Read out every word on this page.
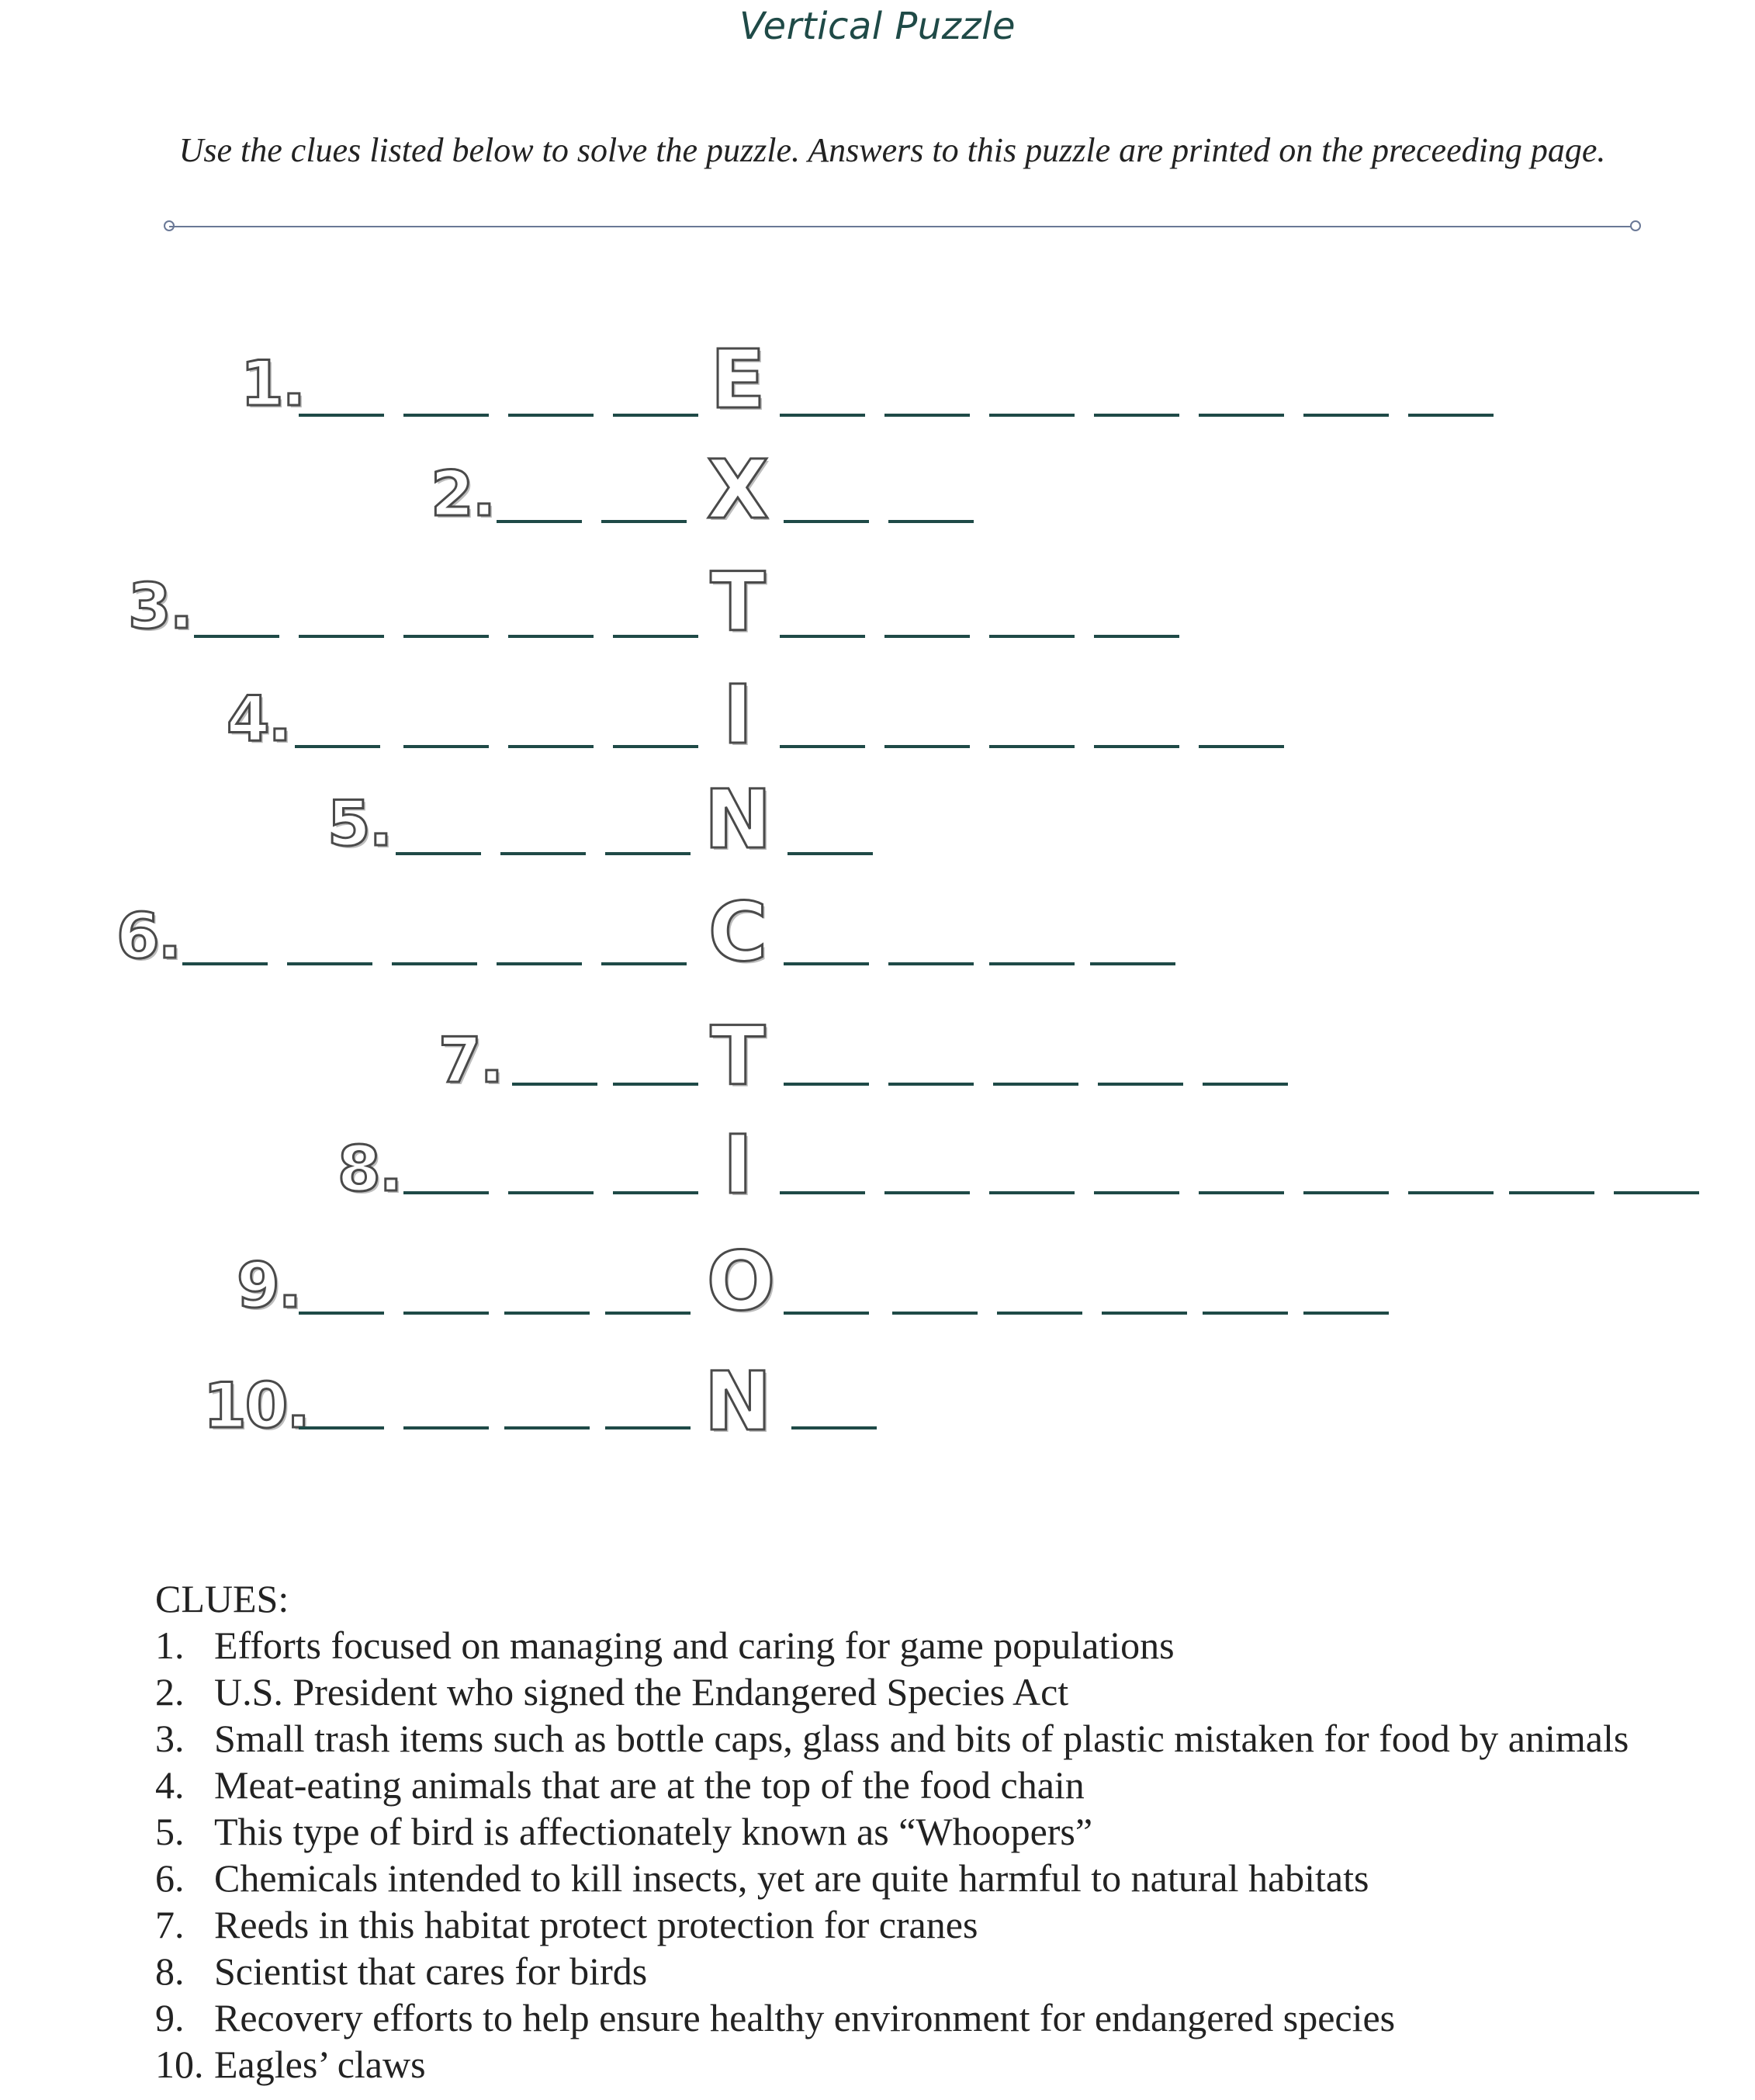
Vertical Puzzle
Use the clues listed below to solve the puzzle. Answers to this puzzle are printed on the preceeding page.
1.	E
2.	X
3.	T
4.	I
5.	N
6.	C
7.	T
8.	I
9.	O
10.	N
CLUES:
1. Efforts focused on managing and caring for game populations
2. U.S. President who signed the Endangered Species Act
3. Small trash items such as bottle caps, glass and bits of plastic mistaken for food by animals
4. Meat-eating animals that are at the top of the food chain
5. This type of bird is affectionately known as “Whoopers”
6. Chemicals intended to kill insects, yet are quite harmful to natural habitats
7. Reeds in this habitat protect protection for cranes
8. Scientist that cares for birds
9. Recovery efforts to help ensure healthy environment for endangered species
10. Eagles’ claws
